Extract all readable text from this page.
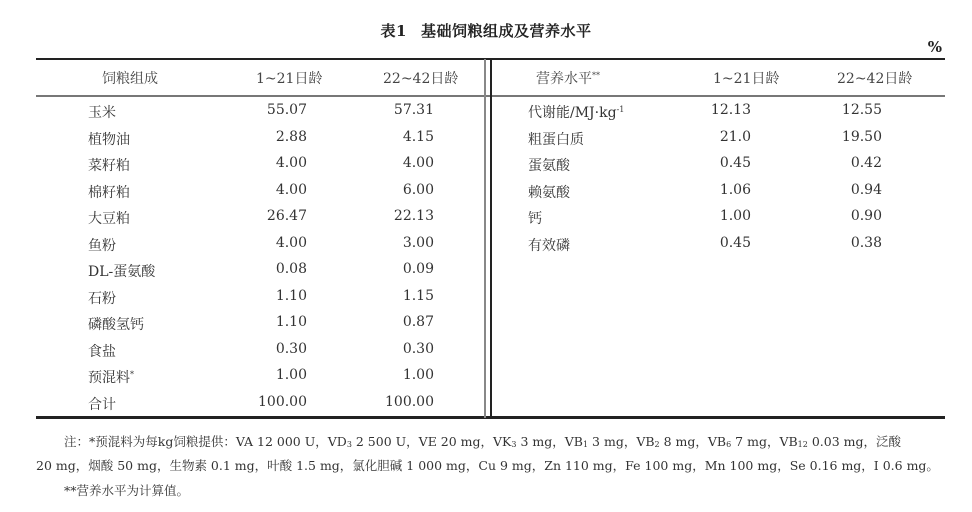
表1 基础饲粮组成及营养水平
%
饲粮组成	1~21日龄	22~42日龄
玉米	55.07	57.31
植物油	2.88	4.15
菜籽粕	4.00	4.00
棉籽粕	4.00	6.00
大豆粕	26.47	22.13
鱼粉	4.00	3.00
DL-蛋氨酸	0.08	0.09
石粉	1.10	1.15
磷酸氢钙	1.10	0.87
食盐	0.30	0.30
预混料*	1.00	1.00
合计	100.00	100.00
营养水平**	1~21日龄	22~42日龄
代谢能$/MJ\cdot kg^{-1}$	12.13	12.55
粗蛋白质	21.0	19.50
蛋氨酸	0.45	0.42
赖氨酸	1.06	0.94
钙	1.00	0.90
有效磷	0.45	0.38
注：*预混料为每kg饲粮提供：VA 12 000 U，$VD_3$ 2 500 U，VE 20 mg，$VK_3$ 3 mg，$VB_1$ 3 mg，$VB_2$ 8 mg，$VB_6$ 7 mg，$VB_{12}$ 0.03 mg，泛酸
20 mg，烟酸 50 mg，生物素 0.1 mg，叶酸 1.5 mg，氯化胆碱 1 000 mg，Cu 9 mg，Zn 110 mg，Fe 100 mg，Mn 100 mg，Se 0.16 mg，I 0.6 mg。
**营养水平为计算值。
